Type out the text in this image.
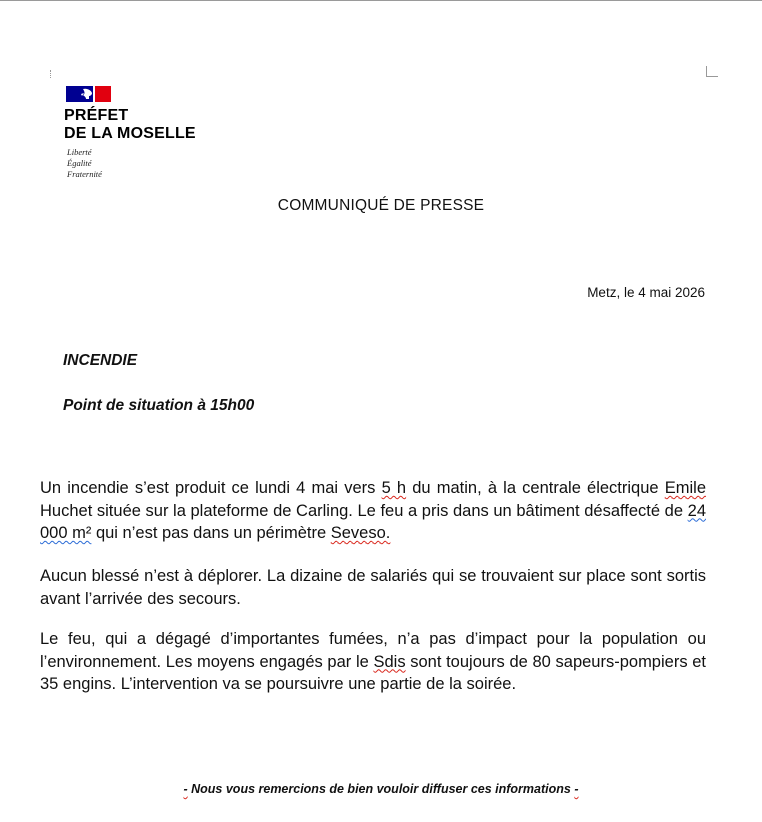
PRÉFET
DE LA MOSELLE
Liberté
Égalité
Fraternité
COMMUNIQUÉ DE PRESSE
Metz, le 4 mai 2026
INCENDIE
Point de situation à 15h00
Un incendie s’est produit ce lundi 4 mai vers 5 h du matin, à la centrale électrique Emile Huchet située sur la plateforme de Carling. Le feu a pris dans un bâtiment désaffecté de 24 000 m² qui n’est pas dans un périmètre Seveso.
Aucun blessé n’est à déplorer. La dizaine de salariés qui se trouvaient sur place sont sortis avant l’arrivée des secours.
Le feu, qui a dégagé d’importantes fumées, n’a pas d’impact pour la population ou l’environnement. Les moyens engagés par le Sdis sont toujours de 80 sapeurs-pompiers et 35 engins. L’intervention va se poursuivre une partie de la soirée.
- Nous vous remercions de bien vouloir diffuser ces informations -
